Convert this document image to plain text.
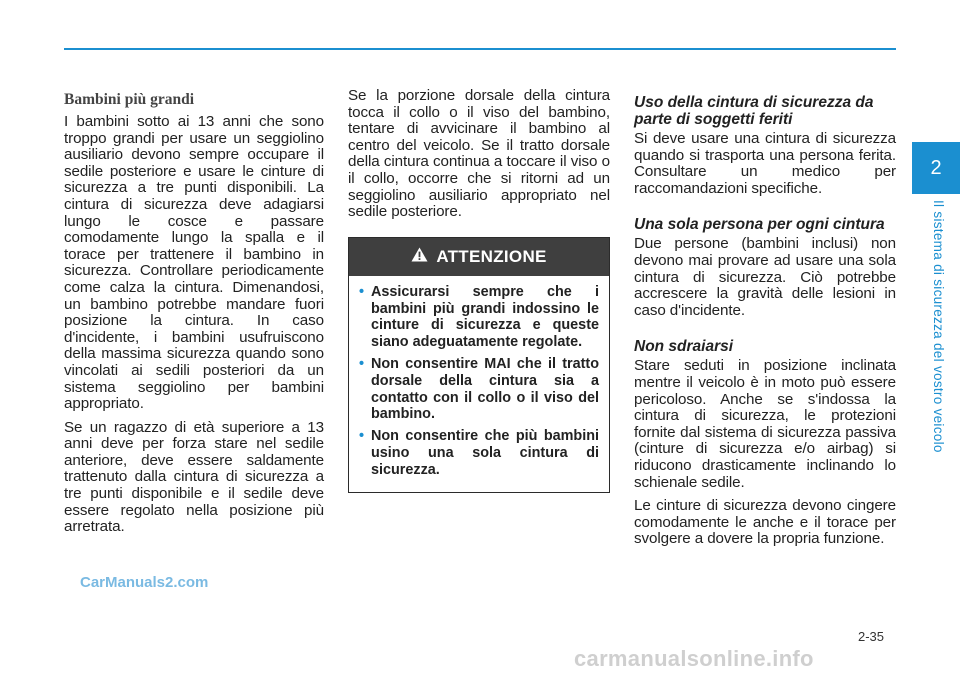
Bambini più grandi

I bambini sotto ai 13 anni che sono troppo grandi per usare un seggiolino ausiliario devono sempre occupare il sedile posteriore e usare le cinture di sicurezza a tre punti disponibili. La cintura di sicurezza deve adagiarsi lungo le cosce e passare comodamente lungo la spalla e il torace per trattenere il bambino in sicurezza. Controllare periodicamente come calza la cintura. Dimenandosi, un bambino potrebbe mandare fuori posizione la cintura. In caso d'incidente, i bambini usufruiscono della massima sicurezza quando sono vincolati ai sedili posteriori da un sistema seggiolino per bambini appropriato.

Se un ragazzo di età superiore a 13 anni deve per forza stare nel sedile anteriore, deve essere saldamente trattenuto dalla cintura di sicurezza a tre punti disponibile e il sedile deve essere regolato nella posizione più arretrata.

Se la porzione dorsale della cintura tocca il collo o il viso del bambino, tentare di avvicinare il bambino al centro del veicolo. Se il tratto dorsale della cintura continua a toccare il viso o il collo, occorre che si ritorni ad un seggiolino ausiliario appropriato nel sedile posteriore.

ATTENZIONE
• Assicurarsi sempre che i bambini più grandi indossino le cinture di sicurezza e queste siano adeguatamente regolate.
• Non consentire MAI che il tratto dorsale della cintura sia a contatto con il collo o il viso del bambino.
• Non consentire che più bambini usino una sola cintura di sicurezza.
Uso della cintura di sicurezza da parte di soggetti feriti

Si deve usare una cintura di sicurezza quando si trasporta una persona ferita. Consultare un medico per raccomandazioni specifiche.

Una sola persona per ogni cintura

Due persone (bambini inclusi) non devono mai provare ad usare una sola cintura di sicurezza. Ciò potrebbe accrescere la gravità delle lesioni in caso d'incidente.

Non sdraiarsi

Stare seduti in posizione inclinata mentre il veicolo è in moto può essere pericoloso. Anche se s'indossa la cintura di sicurezza, le protezioni fornite dal sistema di sicurezza passiva (cinture di sicurezza e/o airbag) si riducono drasticamente inclinando lo schienale sedile.

Le cinture di sicurezza devono cingere comodamente le anche e il torace per svolgere a dovere la propria funzione.

2
Il sistema di sicurezza del vostro veicolo
2-35
CarManuals2.com
carmanualsonline.info
